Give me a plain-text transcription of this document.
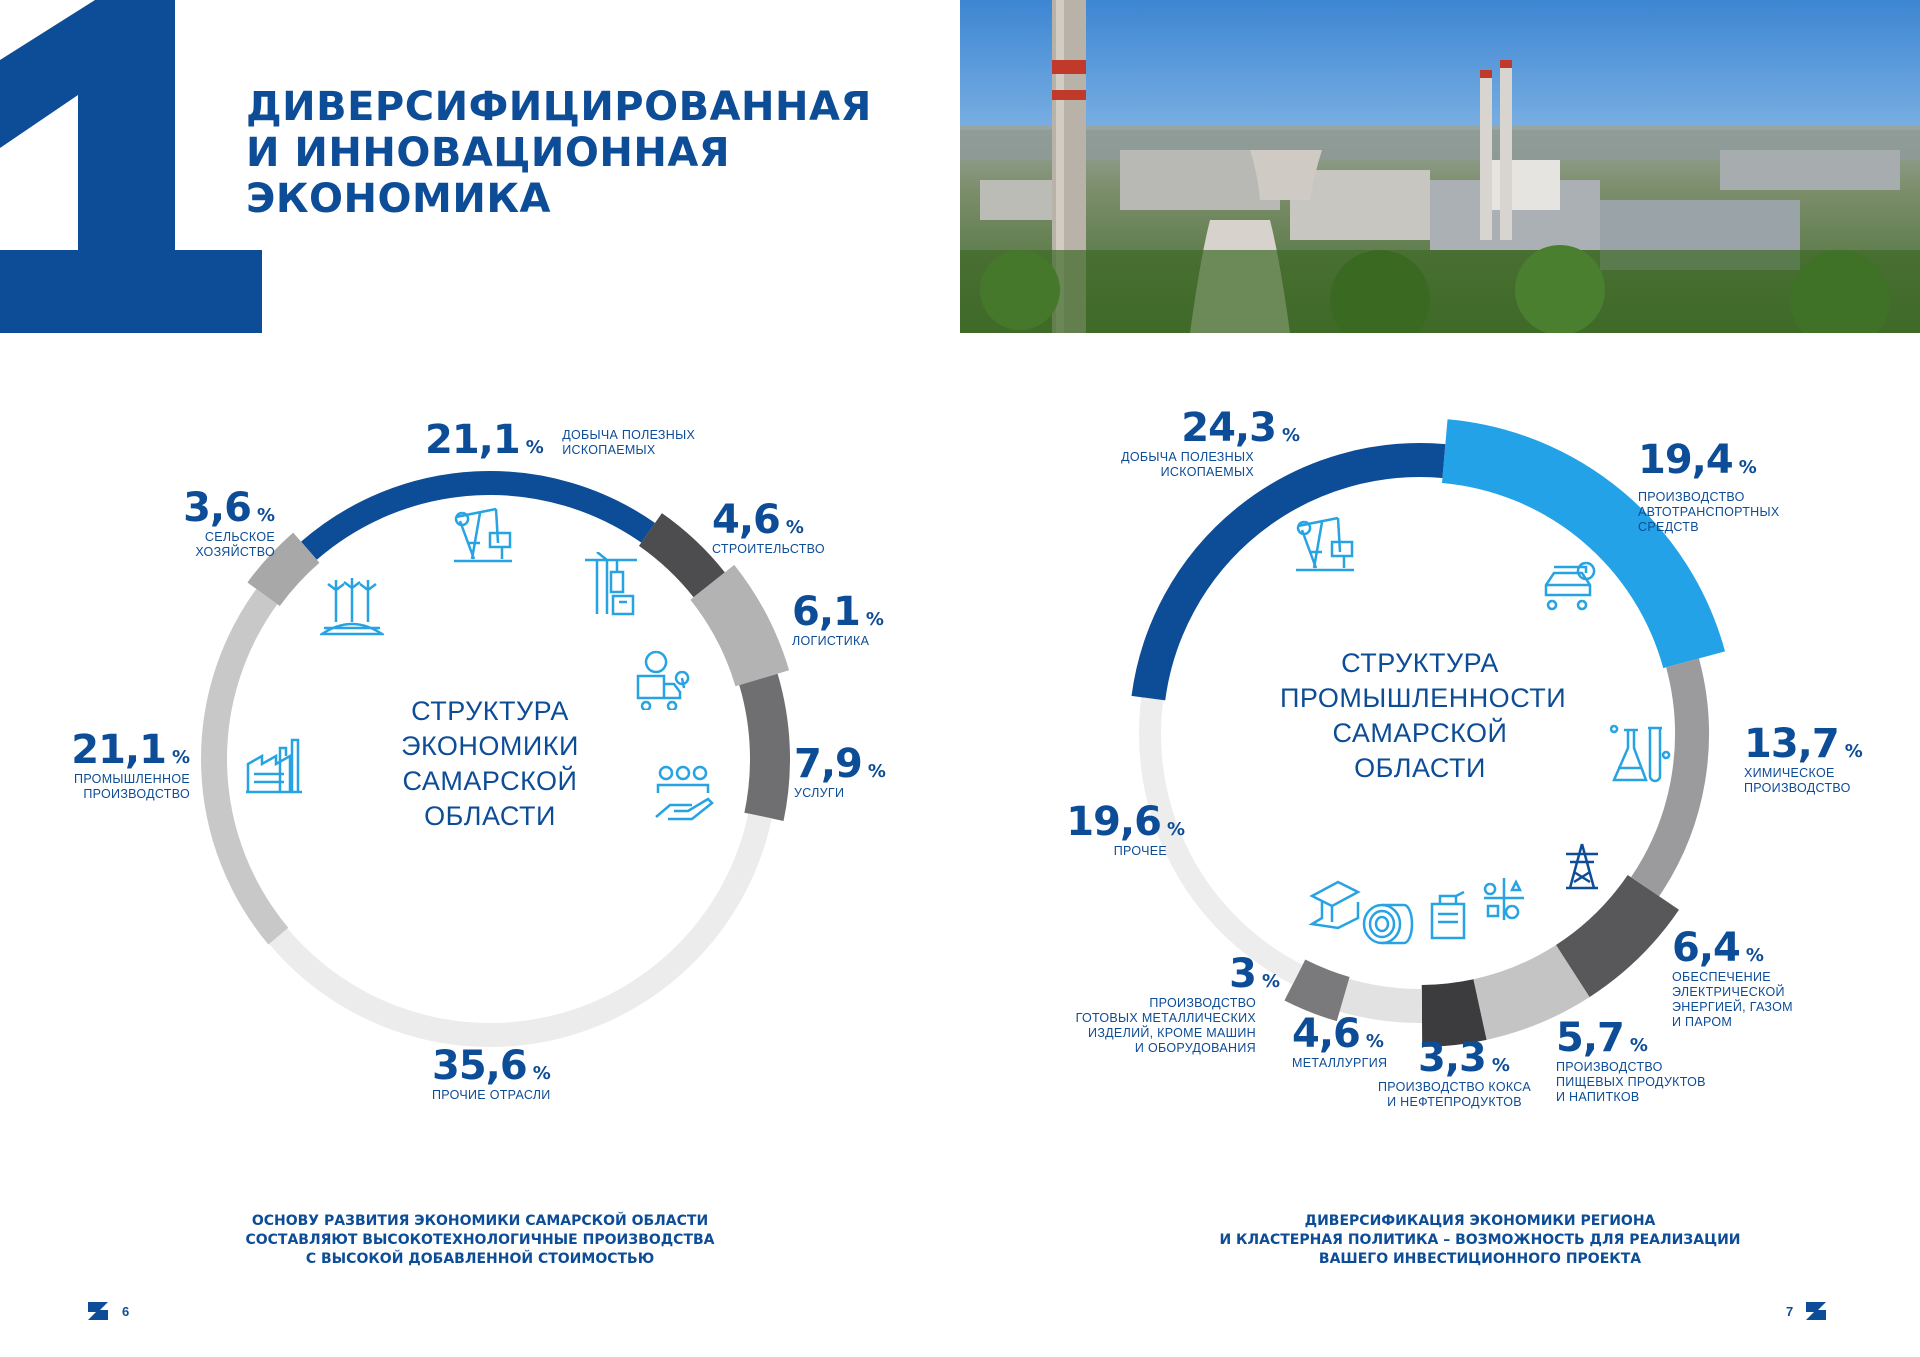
ДИВЕРСИФИЦИРОВАННАЯ
И ИННОВАЦИОННАЯ
ЭКОНОМИКА
СТРУКТУРА
ЭКОНОМИКИ
САМАРСКОЙ
ОБЛАСТИ
СТРУКТУРА
ПРОМЫШЛЕННОСТИ
САМАРСКОЙ
ОБЛАСТИ
21,1 % ДОБЫЧА ПОЛЕЗНЫХ
ИСКОПАЕМЫХ
4,6 %
СТРОИТЕЛЬСТВО
6,1 %
ЛОГИСТИКА
7,9 %
УСЛУГИ
35,6 %
ПРОЧИЕ ОТРАСЛИ
21,1 %
ПРОМЫШЛЕННОЕ
ПРОИЗВОДСТВО
3,6 %
СЕЛЬСКОЕ
ХОЗЯЙСТВО
24,3 %
ДОБЫЧА ПОЛЕЗНЫХ
ИСКОПАЕМЫХ	19,4 %
ПРОИЗВОДСТВО
АВТОТРАНСПОРТНЫХ
СРЕДСТВ
13,7 %
ХИМИЧЕСКОЕ
ПРОИЗВОДСТВО
6,4 %
ОБЕСПЕЧЕНИЕ
ЭЛЕКТРИЧЕСКОЙ
ЭНЕРГИЕЙ, ГАЗОМ
И ПАРОМ
5,7 %
ПРОИЗВОДСТВО
ПИЩЕВЫХ ПРОДУКТОВ
И НАПИТКОВ
3,3 %
ПРОИЗВОДСТВО КОКСА
И НЕФТЕПРОДУКТОВ
4,6 %
МЕТАЛЛУРГИЯ
3 %
ПРОИЗВОДСТВО
ГОТОВЫХ МЕТАЛЛИЧЕСКИХ
ИЗДЕЛИЙ, КРОМЕ МАШИН
И ОБОРУДОВАНИЯ
19,6 %
ПРОЧЕЕ
ОСНОВУ РАЗВИТИЯ ЭКОНОМИКИ САМАРСКОЙ ОБЛАСТИ
СОСТАВЛЯЮТ ВЫСОКОТЕХНОЛОГИЧНЫЕ ПРОИЗВОДСТВА
С ВЫСОКОЙ ДОБАВЛЕННОЙ СТОИМОСТЬЮ
ДИВЕРСИФИКАЦИЯ ЭКОНОМИКИ РЕГИОНА
И КЛАСТЕРНАЯ ПОЛИТИКА – ВОЗМОЖНОСТЬ ДЛЯ РЕАЛИЗАЦИИ
ВАШЕГО ИНВЕСТИЦИОННОГО ПРОЕКТА
6	7
